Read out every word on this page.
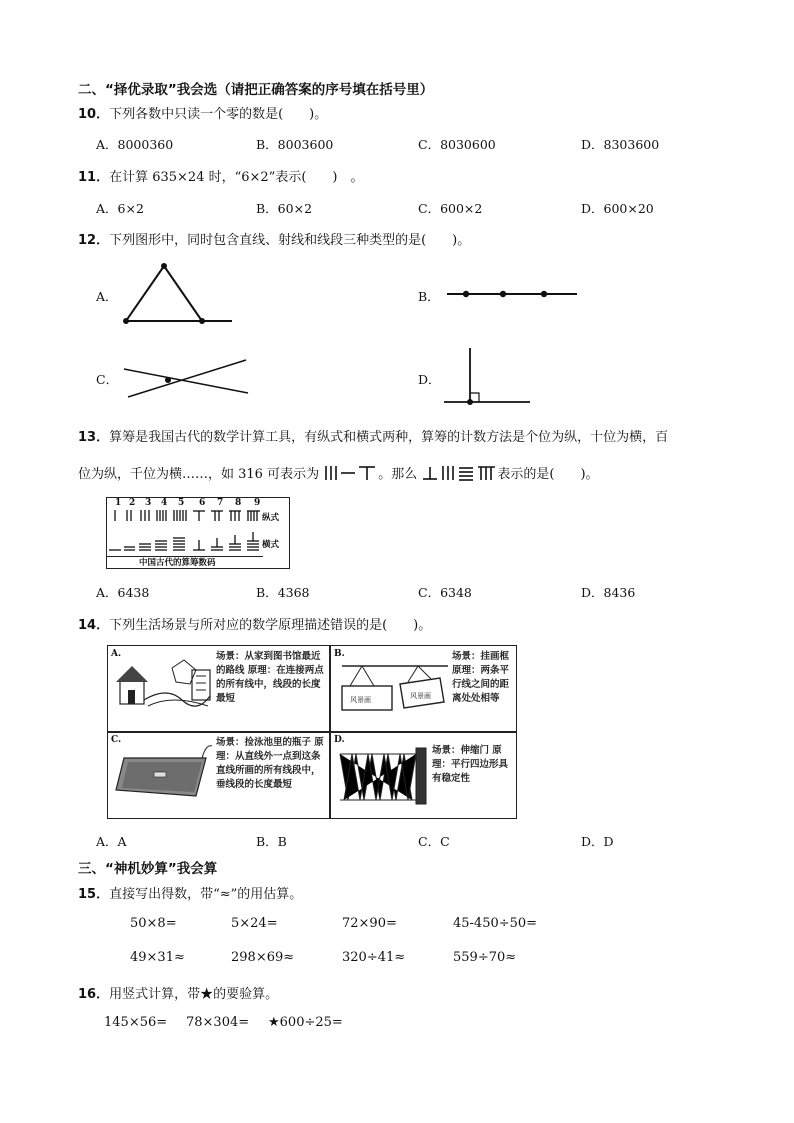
二、“择优录取”我会选（请把正确答案的序号填在括号里）
10．下列各数中只读一个零的数是(　　)。
A．8000360	B．8003600	C．8030600	D．8303600
11．在计算 635×24 时，“6×2”表示(　　)　。
A．6×2	B．60×2	C．600×2	D．600×20
12．下列图形中，同时包含直线、射线和线段三种类型的是(　　)。
A．	B．
C．	D．
13．算筹是我国古代的数学计算工具，有纵式和横式两种，算筹的计数方法是个位为纵，十位为横，百
位为纵，千位为横……，如 316 可表示为	。那么	表示的是(　　)。
1 2 3 4 5 6 7 8 9
纵式
横式
中国古代的算筹数码
A．6438	B．4368	C．6348	D．8436
14．下列生活场景与所对应的数学原理描述错误的是(　　)。
A.	场景：从家到图书馆最近的路线 原理：在连接两点的所有线中，线段的长度最短
B.
风景画	风景画
场景：挂画框 原理：两条平行线之间的距离处处相等
C.	场景：捡泳池里的瓶子 原理：从直线外一点到这条直线所画的所有线段中，垂线段的长度最短
D.
场景：伸缩门 原理：平行四边形具有稳定性
A．A	B．B	C．C	D．D
三、“神机妙算”我会算
15．直接写出得数，带“≈”的用估算。
50×8=	5×24=	72×90=	45-450÷50=
49×31≈	298×69≈	320÷41≈	559÷70≈
16．用竖式计算，带★的要验算。
145×56= 78×304= ★600÷25=
